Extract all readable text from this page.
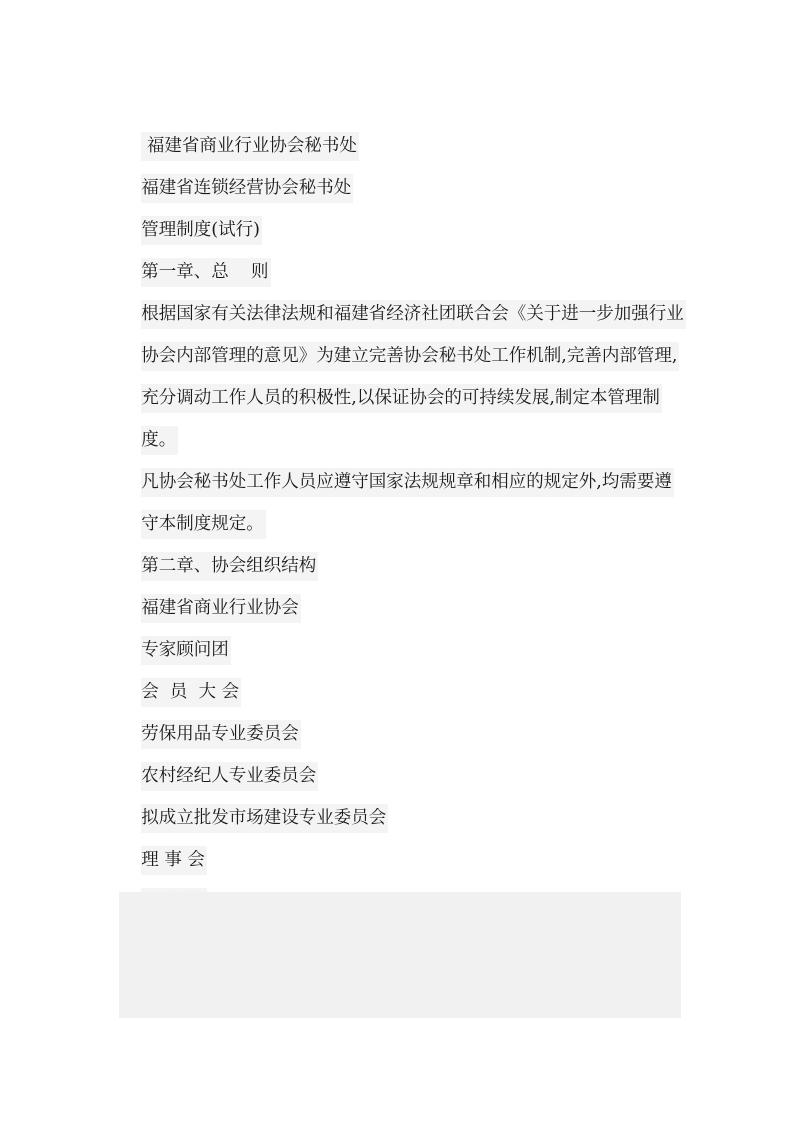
福建省商业行业协会秘书处

福建省连锁经营协会秘书处

管理制度(试行)

第一章、总    则

根据国家有关法律法规和福建省经济社团联合会《关于进一步加强行业

协会内部管理的意见》为建立完善协会秘书处工作机制,完善内部管理,

充分调动工作人员的积极性,以保证协会的可持续发展,制定本管理制

度。

凡协会秘书处工作人员应遵守国家法规规章和相应的规定外,均需要遵

守本制度规定。

第二章、协会组织结构

福建省商业行业协会

专家顾问团

会  员  大 会

劳保用品专业委员会

农村经纪人专业委员会

拟成立批发市场建设专业委员会

理 事 会
